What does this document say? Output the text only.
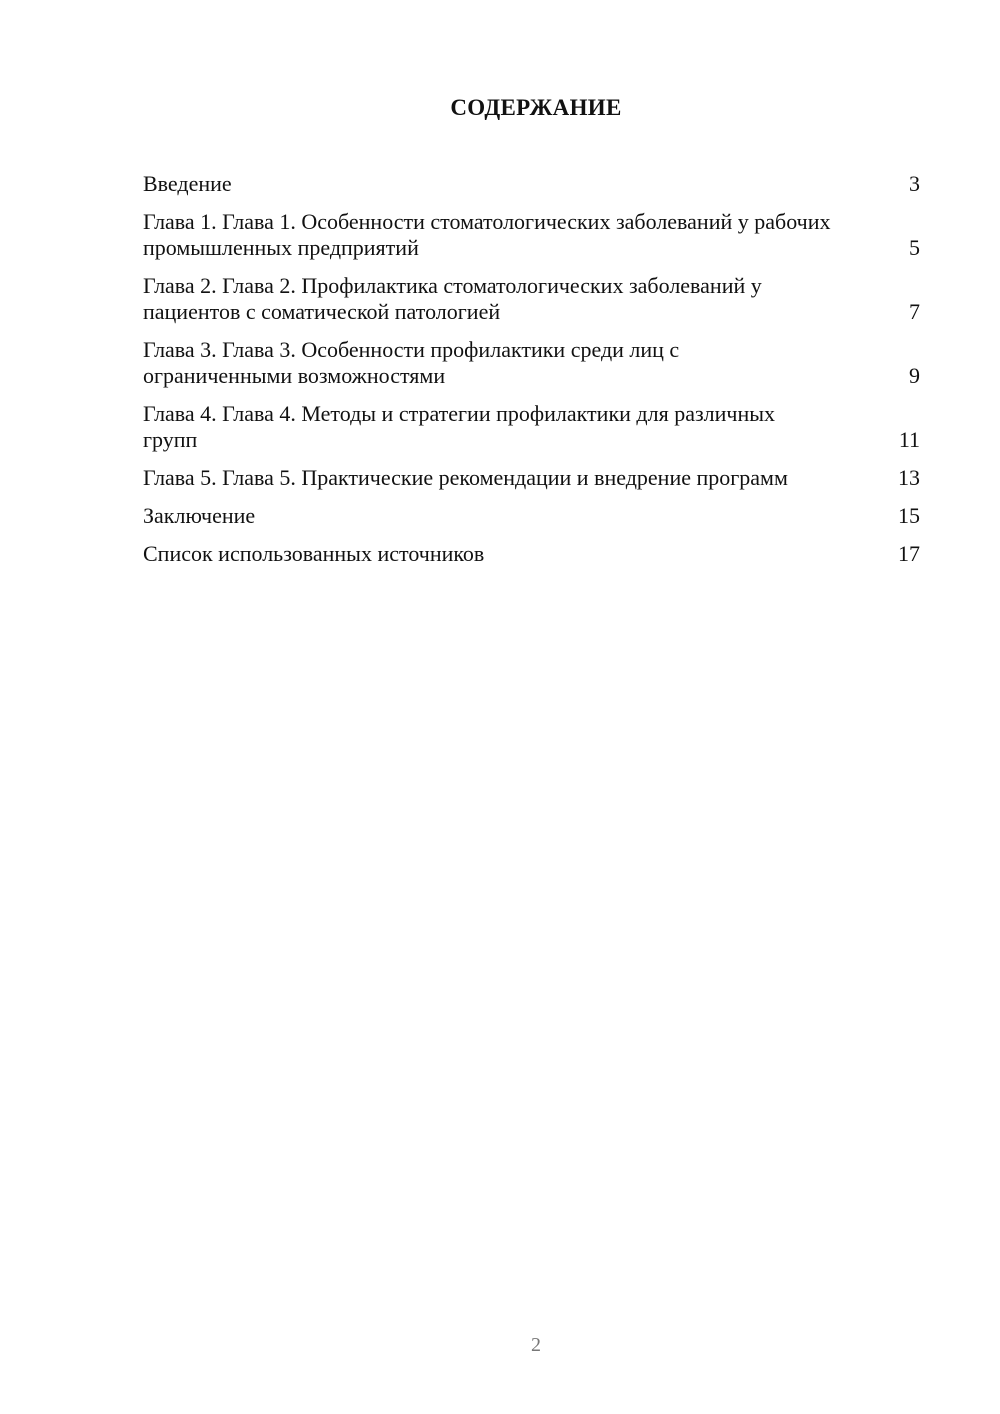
СОДЕРЖАНИЕ
Введение	3
Глава 1. Глава 1. Особенности стоматологических заболеваний у рабочих промышленных предприятий	5
Глава 2. Глава 2. Профилактика стоматологических заболеваний у пациентов с соматической патологией	7
Глава 3. Глава 3. Особенности профилактики среди лиц с ограниченными возможностями	9
Глава 4. Глава 4. Методы и стратегии профилактики для различных групп	11
Глава 5. Глава 5. Практические рекомендации и внедрение программ	13
Заключение	15
Список использованных источников	17
2
